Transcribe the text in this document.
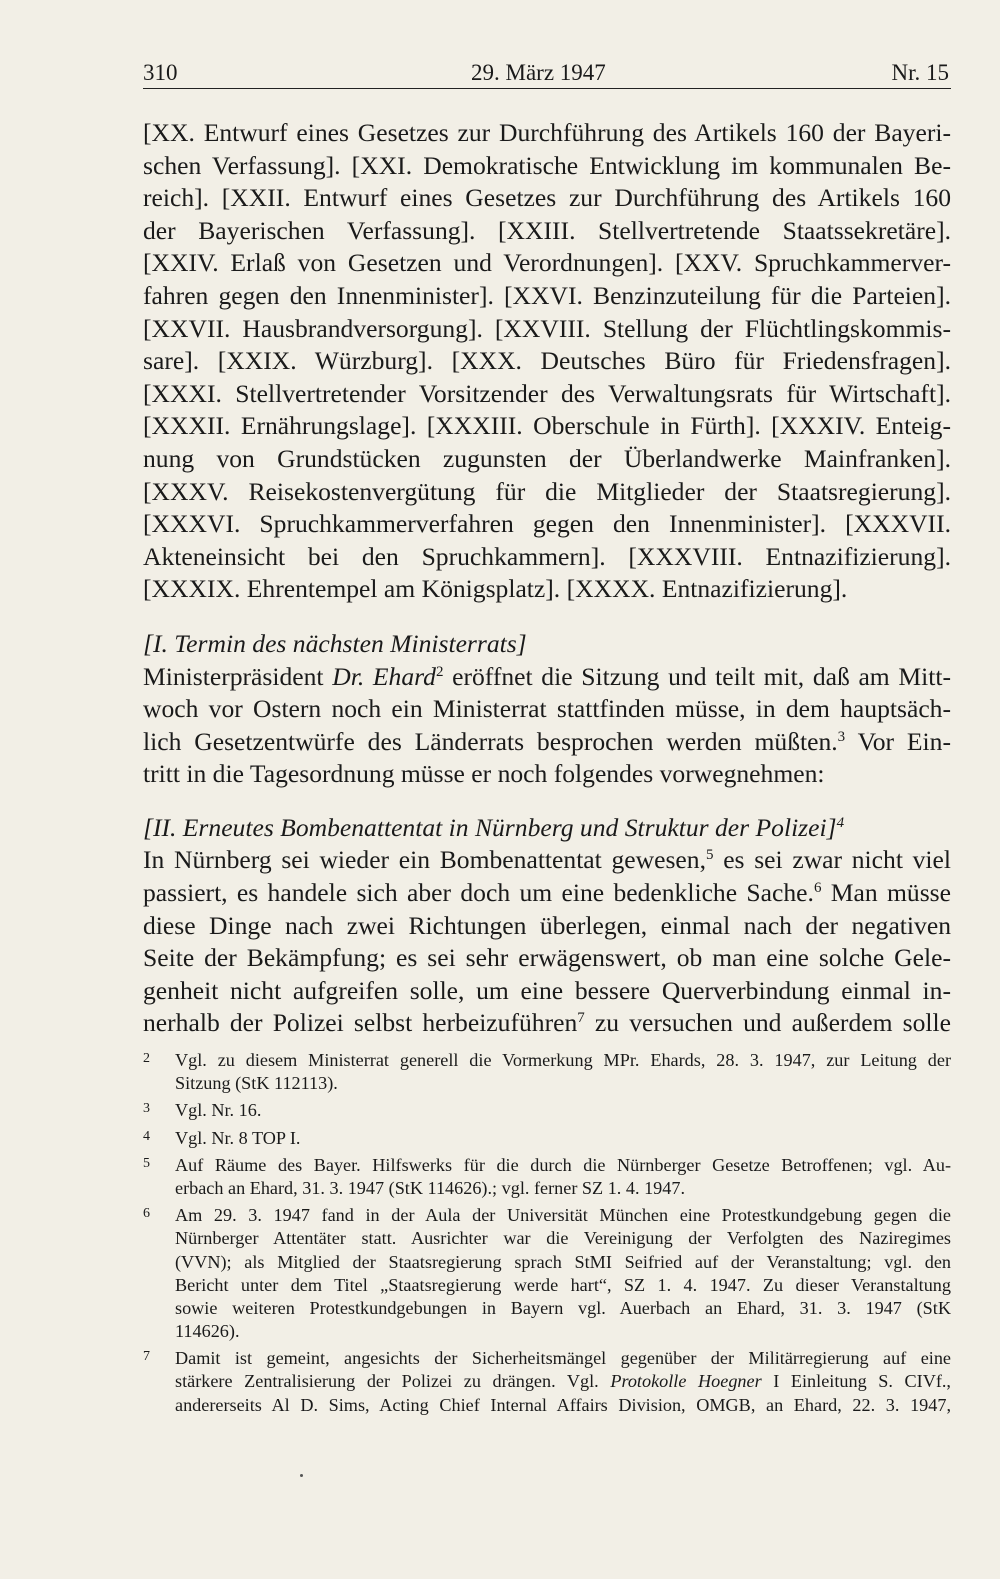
310	29. März 1947	Nr. 15
[XX. Entwurf eines Gesetzes zur Durchführung des Artikels 160 der Bayeri-
schen Verfassung]. [XXI. Demokratische Entwicklung im kommunalen Be-
reich]. [XXII. Entwurf eines Gesetzes zur Durchführung des Artikels 160
der Bayerischen Verfassung]. [XXIII. Stellvertretende Staatssekretäre].
[XXIV. Erlaß von Gesetzen und Verordnungen]. [XXV. Spruchkammerver-
fahren gegen den Innenminister]. [XXVI. Benzinzuteilung für die Parteien].
[XXVII. Hausbrandversorgung]. [XXVIII. Stellung der Flüchtlingskommis-
sare]. [XXIX. Würzburg]. [XXX. Deutsches Büro für Friedensfragen].
[XXXI. Stellvertretender Vorsitzender des Verwaltungsrats für Wirtschaft].
[XXXII. Ernährungslage]. [XXXIII. Oberschule in Fürth]. [XXXIV. Enteig-
nung von Grundstücken zugunsten der Überlandwerke Mainfranken].
[XXXV. Reisekostenvergütung für die Mitglieder der Staatsregierung].
[XXXVI. Spruchkammerverfahren gegen den Innenminister]. [XXXVII.
Akteneinsicht bei den Spruchkammern]. [XXXVIII. Entnazifizierung].
[XXXIX. Ehrentempel am Königsplatz]. [XXXX. Entnazifizierung].
[I. Termin des nächsten Ministerrats]
Ministerpräsident Dr. Ehard$^2$ eröffnet die Sitzung und teilt mit, daß am Mitt-
woch vor Ostern noch ein Ministerrat stattfinden müsse, in dem hauptsäch-
lich Gesetzentwürfe des Länderrats besprochen werden müßten.$^3$ Vor Ein-
tritt in die Tagesordnung müsse er noch folgendes vorwegnehmen:
[II. Erneutes Bombenattentat in Nürnberg und Struktur der Polizei]$^4$
In Nürnberg sei wieder ein Bombenattentat gewesen,$^5$ es sei zwar nicht viel
passiert, es handele sich aber doch um eine bedenkliche Sache.$^6$ Man müsse
diese Dinge nach zwei Richtungen überlegen, einmal nach der negativen
Seite der Bekämpfung; es sei sehr erwägenswert, ob man eine solche Gele-
genheit nicht aufgreifen solle, um eine bessere Querverbindung einmal in-
nerhalb der Polizei selbst herbeizuführen$^7$ zu versuchen und außerdem solle
2	Vgl. zu diesem Ministerrat generell die Vormerkung MPr. Ehards, 28. 3. 1947, zur Leitung der
Sitzung (StK 112113).
3	Vgl. Nr. 16.
4	Vgl. Nr. 8 TOP I.
5	Auf Räume des Bayer. Hilfswerks für die durch die Nürnberger Gesetze Betroffenen; vgl. Au-
erbach an Ehard, 31. 3. 1947 (StK 114626).; vgl. ferner SZ 1. 4. 1947.
6	Am 29. 3. 1947 fand in der Aula der Universität München eine Protestkundgebung gegen die
Nürnberger Attentäter statt. Ausrichter war die Vereinigung der Verfolgten des Naziregimes
(VVN); als Mitglied der Staatsregierung sprach StMI Seifried auf der Veranstaltung; vgl. den
Bericht unter dem Titel „Staatsregierung werde hart“, SZ 1. 4. 1947. Zu dieser Veranstaltung
sowie weiteren Protestkundgebungen in Bayern vgl. Auerbach an Ehard, 31. 3. 1947 (StK
114626).
7	Damit ist gemeint, angesichts der Sicherheitsmängel gegenüber der Militärregierung auf eine
stärkere Zentralisierung der Polizei zu drängen. Vgl. Protokolle Hoegner I Einleitung S. CIVf.,
andererseits Al D. Sims, Acting Chief Internal Affairs Division, OMGB, an Ehard, 22. 3. 1947,
